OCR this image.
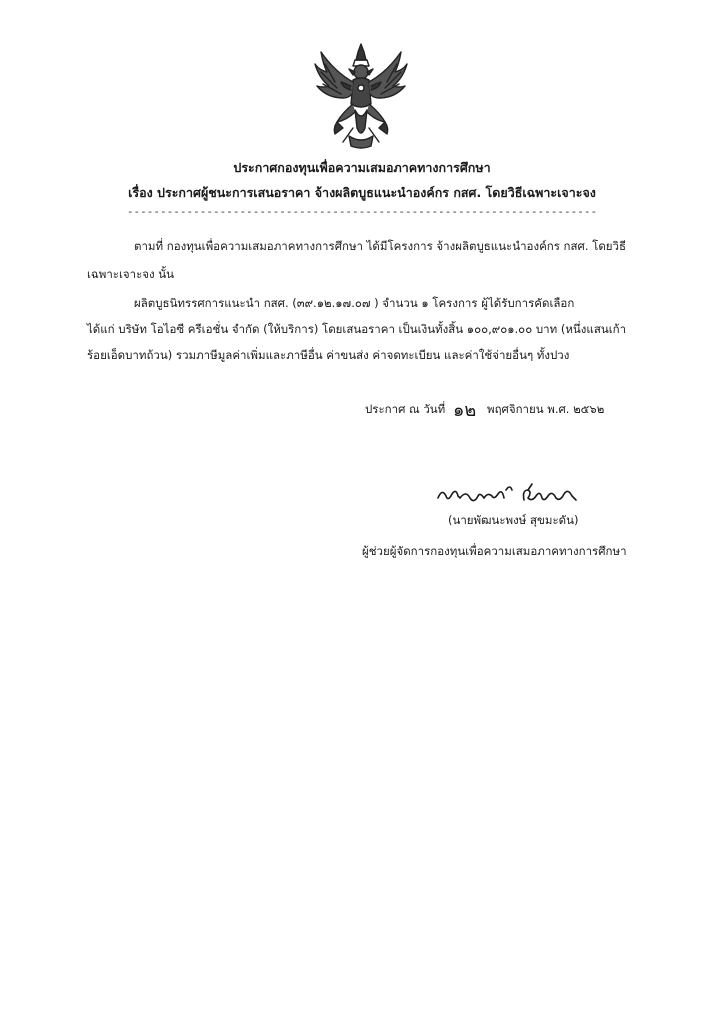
ประกาศกองทุนเพื่อความเสมอภาคทางการศึกษา
เรื่อง ประกาศผู้ชนะการเสนอราคา จ้างผลิตบูธแนะนำองค์กร กสศ. โดยวิธีเฉพาะเจาะจง
-----------------------------------------------------------------------
ตามที่ กองทุนเพื่อความเสมอภาคทางการศึกษา ได้มีโครงการ จ้างผลิตบูธแนะนำองค์กร กสศ. โดยวิธี
เฉพาะเจาะจง นั้น
ผลิตบูธนิทรรศการแนะนำ กสศ. (๓๙.๑๒.๑๗.๐๗ ) จำนวน ๑ โครงการ ผู้ได้รับการคัดเลือก
ได้แก่ บริษัท โอไอซี ครีเอชั่น จำกัด (ให้บริการ) โดยเสนอราคา เป็นเงินทั้งสิ้น ๑๐๐,๙๐๑.๐๐ บาท (หนึ่งแสนเก้า
ร้อยเอ็ดบาทถ้วน) รวมภาษีมูลค่าเพิ่มและภาษีอื่น ค่าขนส่ง ค่าจดทะเบียน และค่าใช้จ่ายอื่นๆ ทั้งปวง
ประกาศ ณ วันที่ ๑๒ พฤศจิกายน พ.ศ. ๒๕๖๒
(นายพัฒนะพงษ์ สุขมะดัน)
ผู้ช่วยผู้จัดการกองทุนเพื่อความเสมอภาคทางการศึกษา
